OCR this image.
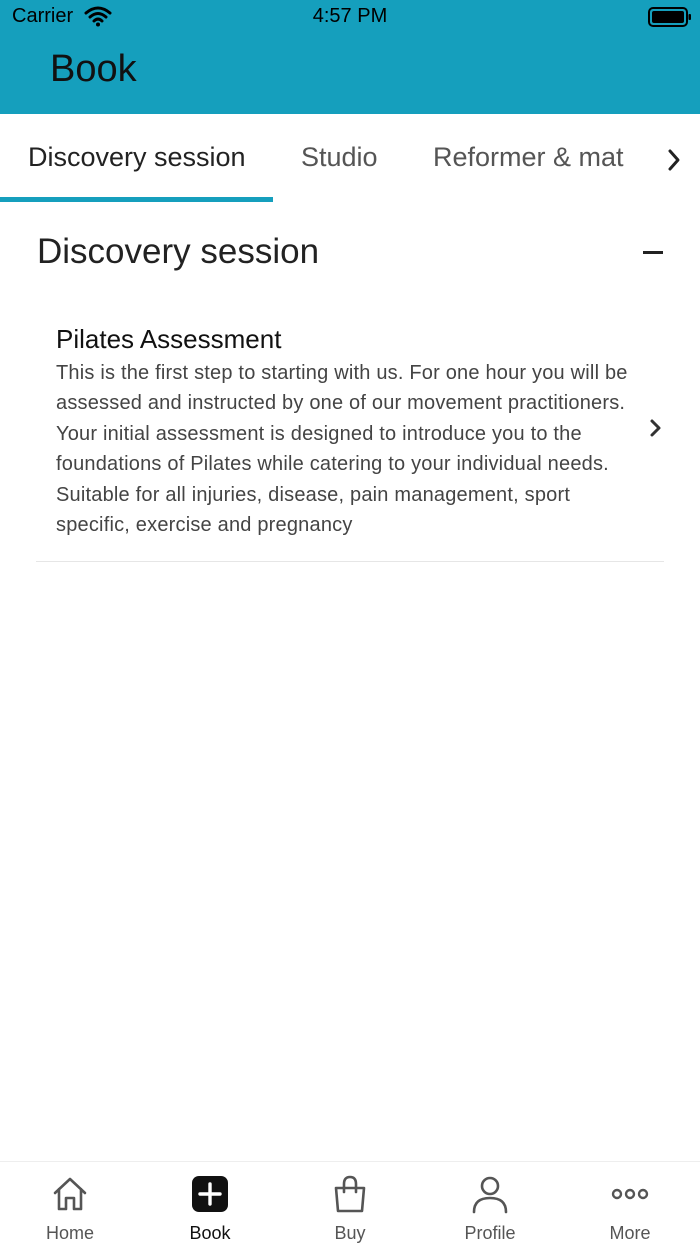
Carrier	4:57 PM
Book
Discovery session Studio Reformer & mat
Discovery session
Pilates Assessment
This is the first step to starting with us. For one hour you will be assessed and instructed by one of our movement practitioners. Your initial assessment is designed to introduce you to the foundations of Pilates while catering to your individual needs. Suitable for all injuries, disease, pain management, sport specific, exercise and pregnancy
Home	Book	Buy	Profile	More
